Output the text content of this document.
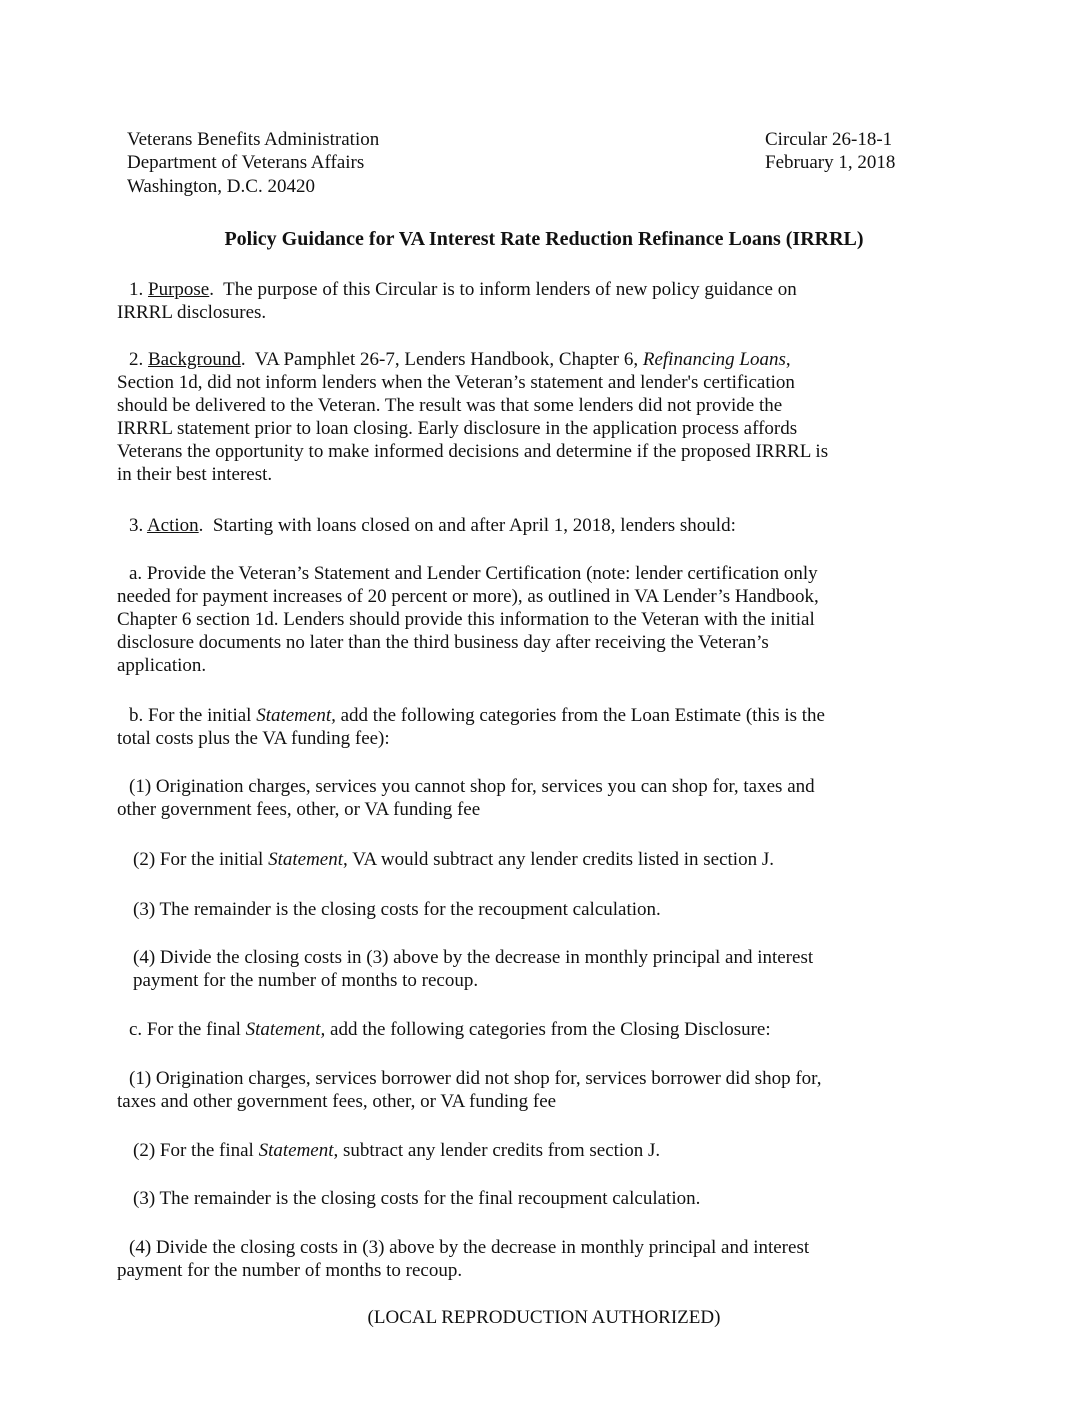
Veterans Benefits Administration
Department of Veterans Affairs
Washington, D.C. 20420
Circular 26-18-1
February 1, 2018
Policy Guidance for VA Interest Rate Reduction Refinance Loans (IRRRL)
1. Purpose.  The purpose of this Circular is to inform lenders of new policy guidance on
IRRRL disclosures.
2. Background.  VA Pamphlet 26-7, Lenders Handbook, Chapter 6, Refinancing Loans,
Section 1d, did not inform lenders when the Veteran’s statement and lender's certification
should be delivered to the Veteran. The result was that some lenders did not provide the
IRRRL statement prior to loan closing. Early disclosure in the application process affords
Veterans the opportunity to make informed decisions and determine if the proposed IRRRL is
in their best interest.
3. Action.  Starting with loans closed on and after April 1, 2018, lenders should:
a. Provide the Veteran’s Statement and Lender Certification (note: lender certification only
needed for payment increases of 20 percent or more), as outlined in VA Lender’s Handbook,
Chapter 6 section 1d. Lenders should provide this information to the Veteran with the initial
disclosure documents no later than the third business day after receiving the Veteran’s
application.
b. For the initial Statement, add the following categories from the Loan Estimate (this is the
total costs plus the VA funding fee):
(1) Origination charges, services you cannot shop for, services you can shop for, taxes and
other government fees, other, or VA funding fee
(2) For the initial Statement, VA would subtract any lender credits listed in section J.
(3) The remainder is the closing costs for the recoupment calculation.
(4) Divide the closing costs in (3) above by the decrease in monthly principal and interest
payment for the number of months to recoup.
c. For the final Statement, add the following categories from the Closing Disclosure:
(1) Origination charges, services borrower did not shop for, services borrower did shop for,
taxes and other government fees, other, or VA funding fee
(2) For the final Statement, subtract any lender credits from section J.
(3) The remainder is the closing costs for the final recoupment calculation.
(4) Divide the closing costs in (3) above by the decrease in monthly principal and interest
payment for the number of months to recoup.
(LOCAL REPRODUCTION AUTHORIZED)
